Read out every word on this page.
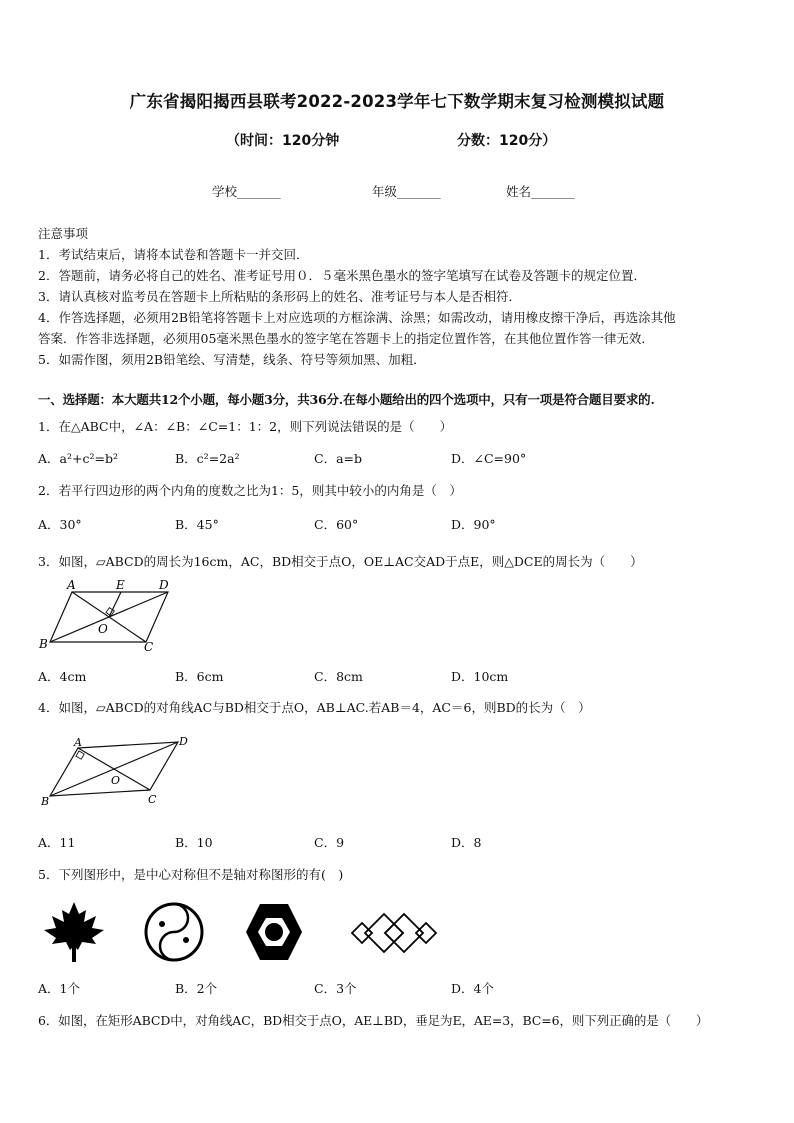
广东省揭阳揭西县联考2022-2023学年七下数学期末复习检测模拟试题
（时间：120分钟	分数：120分）
学校_______	年级_______	姓名_______
注意事项
1．考试结束后，请将本试卷和答题卡一并交回．
2．答题前，请务必将自己的姓名、准考证号用０．５毫米黑色墨水的签字笔填写在试卷及答题卡的规定位置．
3．请认真核对监考员在答题卡上所粘贴的条形码上的姓名、准考证号与本人是否相符．
4．作答选择题，必须用2B铅笔将答题卡上对应选项的方框涂满、涂黑；如需改动，请用橡皮擦干净后，再选涂其他
答案．作答非选择题，必须用05毫米黑色墨水的签字笔在答题卡上的指定位置作答，在其他位置作答一律无效．
5．如需作图，须用2B铅笔绘、写清楚，线条、符号等须加黑、加粗．
一、选择题：本大题共12个小题，每小题3分，共36分.在每小题给出的四个选项中，只有一项是符合题目要求的.
1．在△ABC中，∠A：∠B：∠C=1：1：2，则下列说法错误的是（　　）
A．a²+c²=b²	B．c²=2a²	C．a=b	D．∠C=90°
2．若平行四边形的两个内角的度数之比为1：5，则其中较小的内角是（　）
A．30°	B．45°	C．60°	D．90°
3．如图，▱ABCD的周长为16cm，AC，BD相交于点O，OE⊥AC交AD于点E，则△DCE的周长为（　　）
A	E	D
O
B	C
A．4cm	B．6cm	C．8cm	D．10cm
4．如图，▱ABCD的对角线AC与BD相交于点O，AB⊥AC.若AB＝4，AC＝6，则BD的长为（　）
A	D
O
B	C
A．11	B．10	C．9	D．8
5．下列图形中，是中心对称但不是轴对称图形的有(　)
A．1个	B．2个	C．3个	D．4个
6．如图，在矩形ABCD中，对角线AC，BD相交于点O，AE⊥BD，垂足为E，AE=3，BC=6，则下列正确的是（　　）
